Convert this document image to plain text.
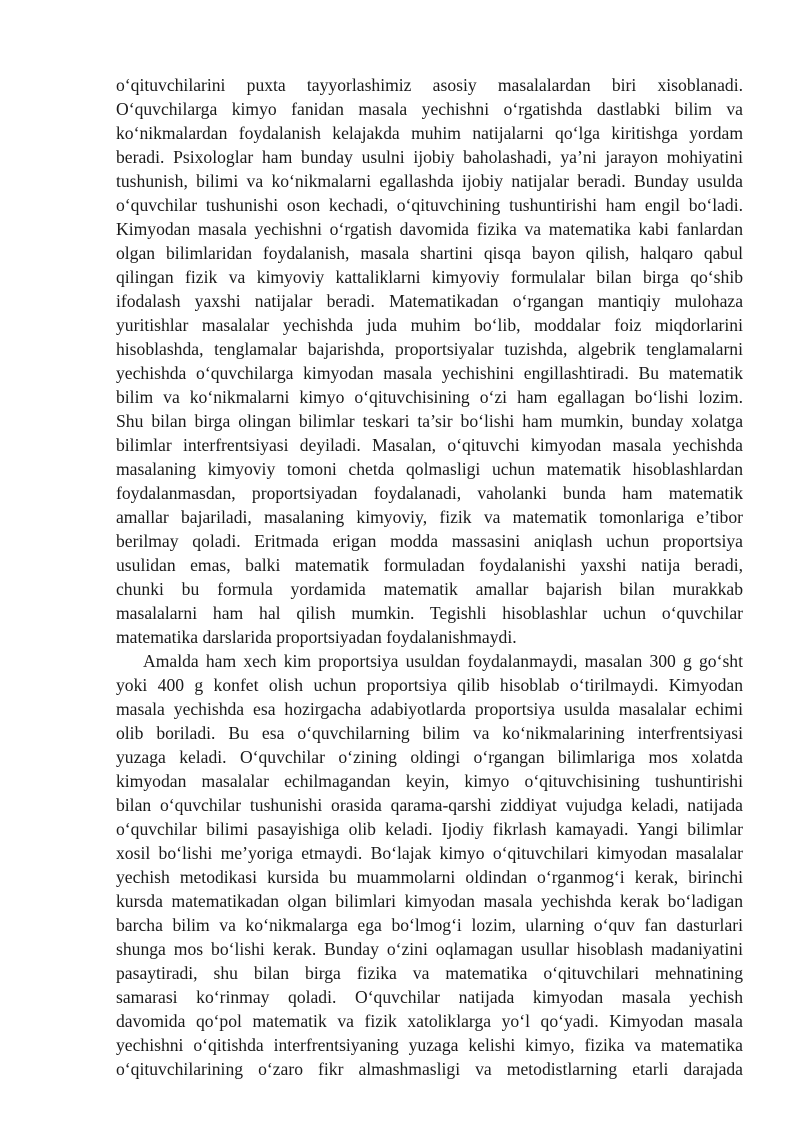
o‘qituvchilarini puxta tayyorlashimiz asosiy masalalardan biri xisoblanadi.
O‘quvchilarga kimyo fanidan masala yechishni o‘rgatishda dastlabki bilim va
ko‘nikmalardan foydalanish kelajakda muhim natijalarni qo‘lga kiritishga yordam
beradi. Psixologlar ham bunday usulni ijobiy baholashadi, ya’ni jarayon mohiyatini
tushunish, bilimi va ko‘nikmalarni egallashda ijobiy natijalar beradi. Bunday usulda
o‘quvchilar tushunishi oson kechadi, o‘qituvchining tushuntirishi ham engil bo‘ladi.
Kimyodan masala yechishni o‘rgatish davomida fizika va matematika kabi fanlardan
olgan bilimlaridan foydalanish, masala shartini qisqa bayon qilish, halqaro qabul
qilingan fizik va kimyoviy kattaliklarni kimyoviy formulalar bilan birga qo‘shib
ifodalash yaxshi natijalar beradi. Matematikadan o‘rgangan mantiqiy mulohaza
yuritishlar masalalar yechishda juda muhim bo‘lib, moddalar foiz miqdorlarini
hisoblashda, tenglamalar bajarishda, proportsiyalar tuzishda, algebrik tenglamalarni
yechishda o‘quvchilarga kimyodan masala yechishini engillashtiradi. Bu matematik
bilim va ko‘nikmalarni kimyo o‘qituvchisining o‘zi ham egallagan bo‘lishi lozim.
Shu bilan birga olingan bilimlar teskari ta’sir bo‘lishi ham mumkin, bunday xolatga
bilimlar interfrentsiyasi deyiladi. Masalan, o‘qituvchi kimyodan masala yechishda
masalaning kimyoviy tomoni chetda qolmasligi uchun matematik hisoblashlardan
foydalanmasdan, proportsiyadan foydalanadi, vaholanki bunda ham matematik
amallar bajariladi, masalaning kimyoviy, fizik va matematik tomonlariga e’tibor
berilmay qoladi. Eritmada erigan modda massasini aniqlash uchun proportsiya
usulidan emas, balki matematik formuladan foydalanishi yaxshi natija beradi,
chunki bu formula yordamida matematik amallar bajarish bilan murakkab
masalalarni ham hal qilish mumkin. Tegishli hisoblashlar uchun o‘quvchilar
matematika darslarida proportsiyadan foydalanishmaydi.
Amalda ham xech kim proportsiya usuldan foydalanmaydi, masalan 300 g go‘sht
yoki 400 g konfet olish uchun proportsiya qilib hisoblab o‘tirilmaydi. Kimyodan
masala yechishda esa hozirgacha adabiyotlarda proportsiya usulda masalalar echimi
olib boriladi. Bu esa o‘quvchilarning bilim va ko‘nikmalarining interfrentsiyasi
yuzaga keladi. O‘quvchilar o‘zining oldingi o‘rgangan bilimlariga mos xolatda
kimyodan masalalar echilmagandan keyin, kimyo o‘qituvchisining tushuntirishi
bilan o‘quvchilar tushunishi orasida qarama-qarshi ziddiyat vujudga keladi, natijada
o‘quvchilar bilimi pasayishiga olib keladi. Ijodiy fikrlash kamayadi. Yangi bilimlar
xosil bo‘lishi me’yoriga etmaydi. Bo‘lajak kimyo o‘qituvchilari kimyodan masalalar
yechish metodikasi kursida bu muammolarni oldindan o‘rganmog‘i kerak, birinchi
kursda matematikadan olgan bilimlari kimyodan masala yechishda kerak bo‘ladigan
barcha bilim va ko‘nikmalarga ega bo‘lmog‘i lozim, ularning o‘quv fan dasturlari
shunga mos bo‘lishi kerak. Bunday o‘zini oqlamagan usullar hisoblash madaniyatini
pasaytiradi, shu bilan birga fizika va matematika o‘qituvchilari mehnatining
samarasi ko‘rinmay qoladi. O‘quvchilar natijada kimyodan masala yechish
davomida qo‘pol matematik va fizik xatoliklarga yo‘l qo‘yadi. Kimyodan masala
yechishni o‘qitishda interfrentsiyaning yuzaga kelishi kimyo, fizika va matematika
o‘qituvchilarining o‘zaro fikr almashmasligi va metodistlarning etarli darajada
